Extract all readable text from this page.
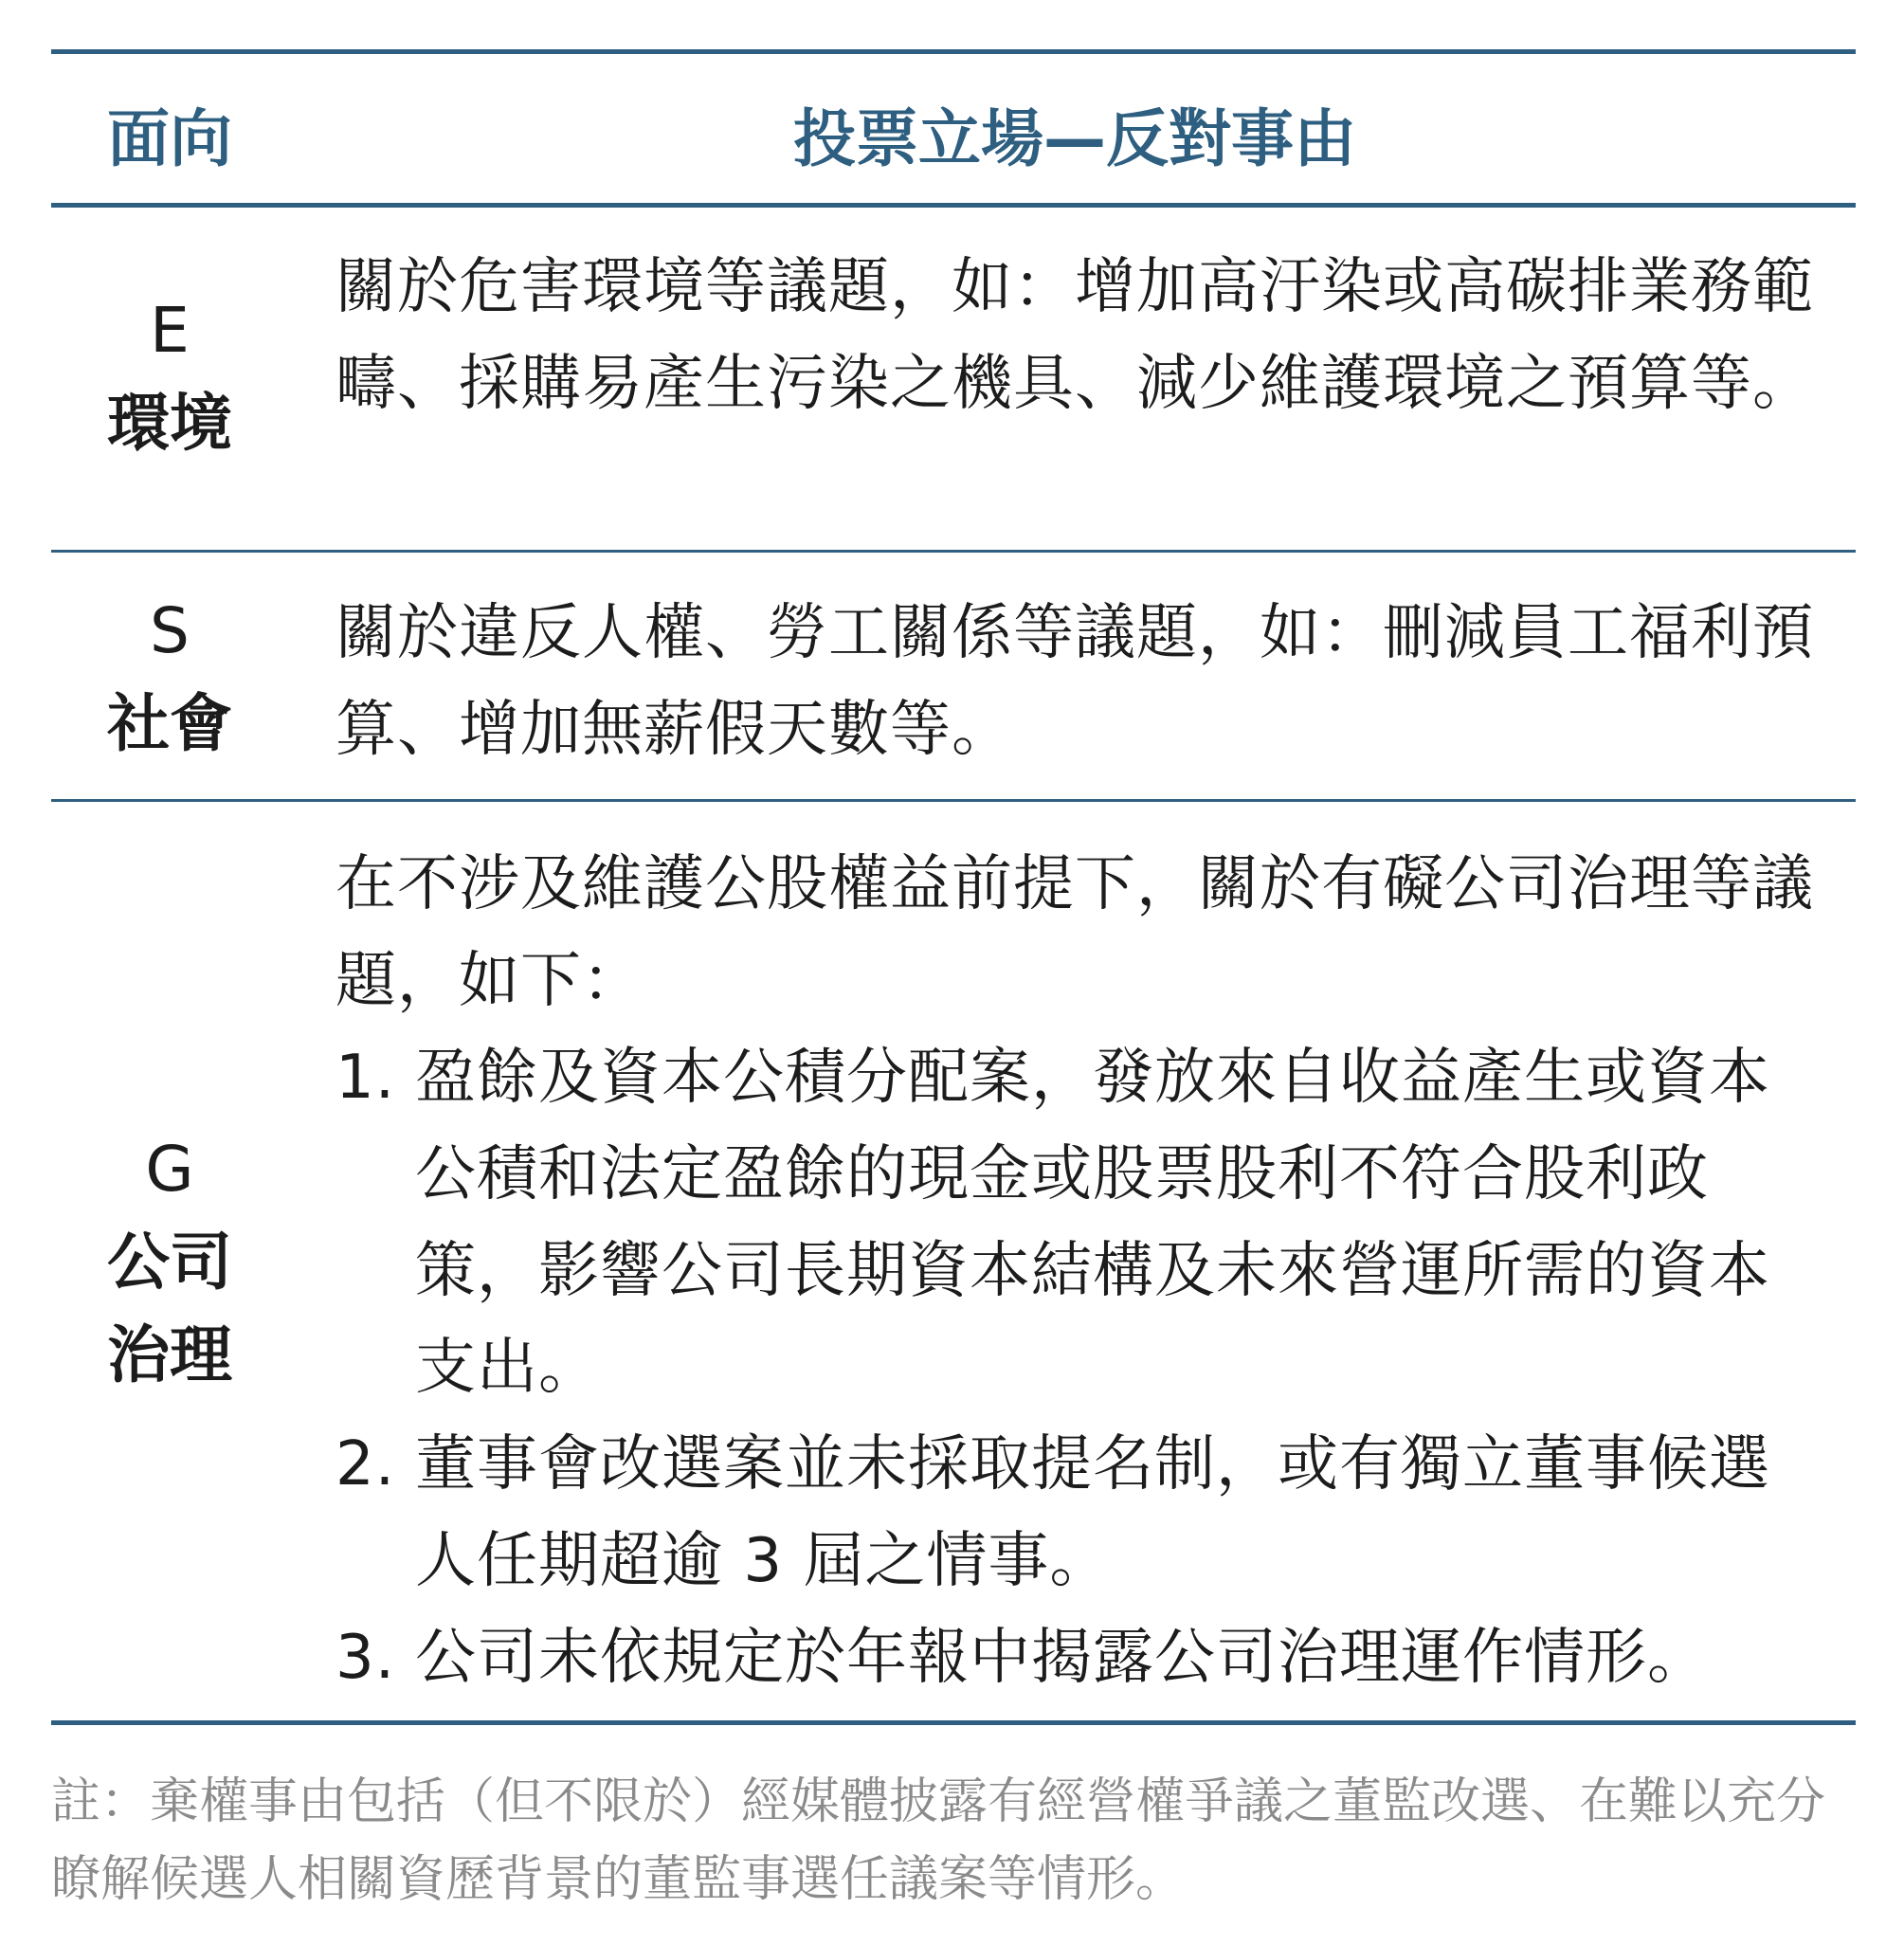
面向	投票立場—反對事由
E
環境

關於危害環境等議題，如：增加高汙染或高碳排業務範疇、採購易產生污染之機具、減少維護環境之預算等。

S
社會

關於違反人權、勞工關係等議題，如：刪減員工福利預算、增加無薪假天數等。

G
公司治理

在不涉及維護公股權益前提下，關於有礙公司治理等議題，如下：

1. 盈餘及資本公積分配案，發放來自收益產生或資本公積和法定盈餘的現金或股票股利不符合股利政策，影響公司長期資本結構及未來營運所需的資本支出。
2. 董事會改選案並未採取提名制，或有獨立董事候選人任期超逾 3 屆之情事。
3. 公司未依規定於年報中揭露公司治理運作情形。
註：棄權事由包括（但不限於）經媒體披露有經營權爭議之董監改選、在難以充分瞭解候選人相關資歷背景的董監事選任議案等情形。
